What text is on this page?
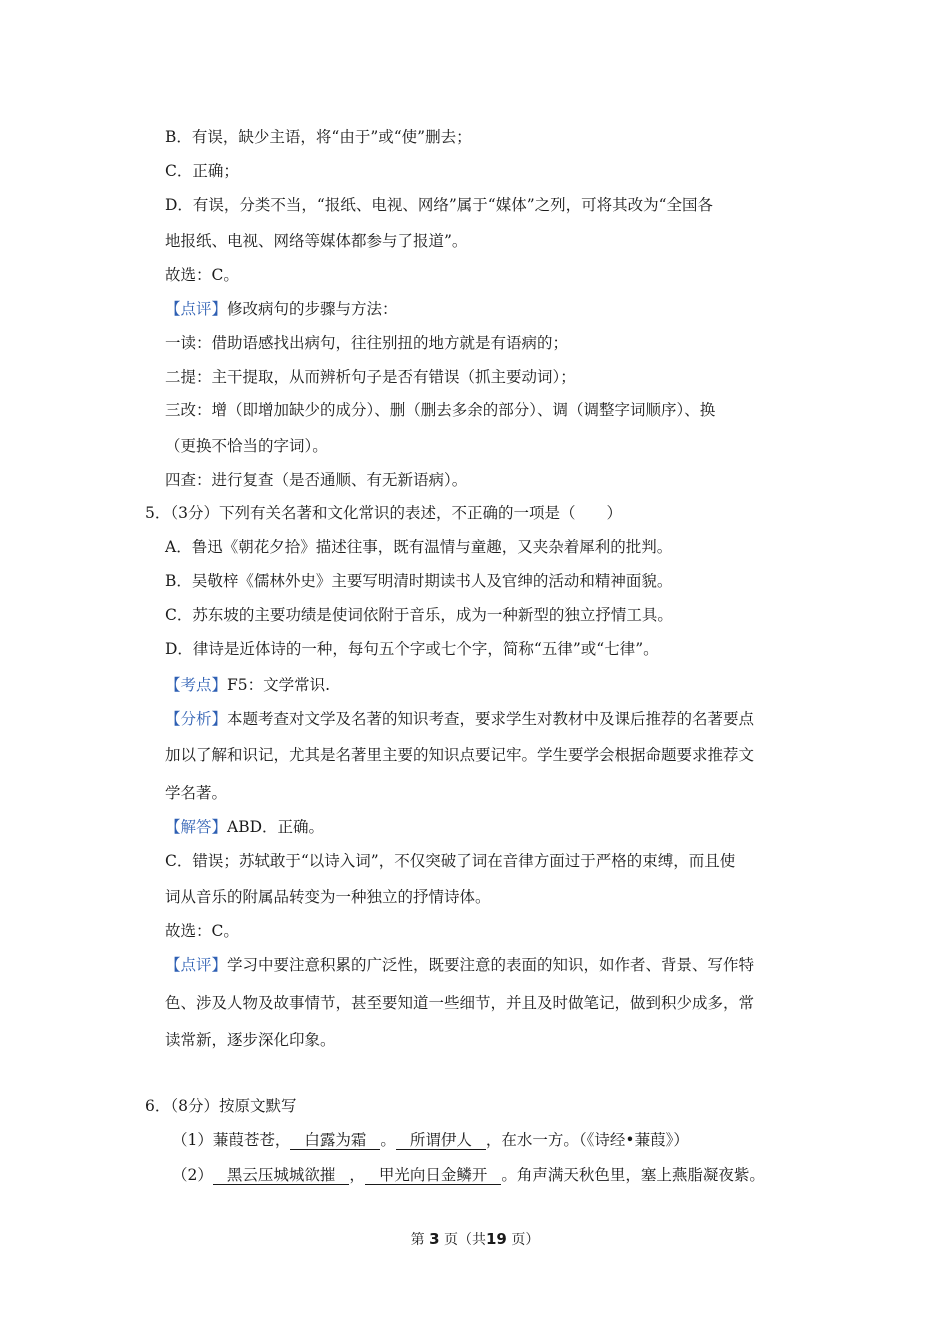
B．有误，缺少主语，将“由于”或“使”删去；
C．正确；
D．有误，分类不当，“报纸、电视、网络”属于“媒体”之列，可将其改为“全国各
地报纸、电视、网络等媒体都参与了报道”。
故选：C。
【点评】修改病句的步骤与方法：
一读：借助语感找出病句，往往别扭的地方就是有语病的；
二提：主干提取，从而辨析句子是否有错误（抓主要动词）；
三改：增（即增加缺少的成分）、删（删去多余的部分）、调（调整字词顺序）、换
（更换不恰当的字词）。
四查：进行复查（是否通顺、有无新语病）。
5．（3分）下列有关名著和文化常识的表述，不正确的一项是（　　）
A．鲁迅《朝花夕拾》描述往事，既有温情与童趣，又夹杂着犀利的批判。
B．吴敬梓《儒林外史》主要写明清时期读书人及官绅的活动和精神面貌。
C．苏东坡的主要功绩是使词依附于音乐，成为一种新型的独立抒情工具。
D．律诗是近体诗的一种，每句五个字或七个字，简称“五律”或“七律”。
【考点】F5：文学常识.
【分析】本题考查对文学及名著的知识考查，要求学生对教材中及课后推荐的名著要点
加以了解和识记，尤其是名著里主要的知识点要记牢。学生要学会根据命题要求推荐文
学名著。
【解答】ABD．正确。
C．错误；苏轼敢于“以诗入词”，不仅突破了词在音律方面过于严格的束缚，而且使
词从音乐的附属品转变为一种独立的抒情诗体。
故选：C。
【点评】学习中要注意积累的广泛性，既要注意的表面的知识，如作者、背景、写作特
色、涉及人物及故事情节，甚至要知道一些细节，并且及时做笔记，做到积少成多，常
读常新，逐步深化印象。
6．（8分）按原文默写
（1）蒹葭苍苍， 白露为霜 。 所谓伊人 ，在水一方。（《诗经•蒹葭》）
（2） 黑云压城城欲摧 ， 甲光向日金鳞开 。角声满天秋色里，塞上燕脂凝夜紫。
第 3 页（共19 页）
